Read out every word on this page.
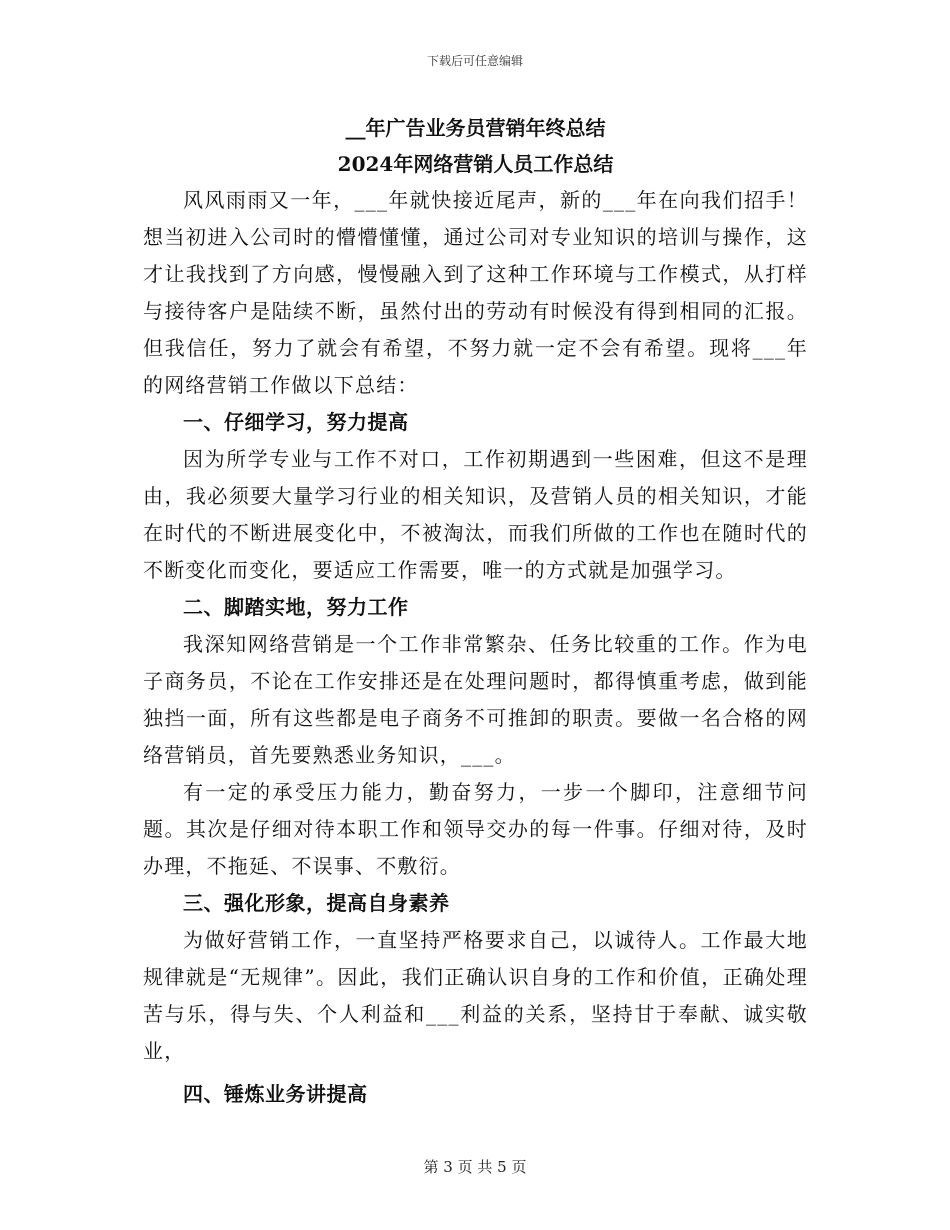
下载后可任意编辑
__年广告业务员营销年终总结
2024年网络营销人员工作总结

风风雨雨又一年，___年就快接近尾声，新的___年在向我们招手！想当初进入公司时的懵懵懂懂，通过公司对专业知识的培训与操作，这才让我找到了方向感，慢慢融入到了这种工作环境与工作模式，从打样与接待客户是陆续不断，虽然付出的劳动有时候没有得到相同的汇报。但我信任，努力了就会有希望，不努力就一定不会有希望。现将___年的网络营销工作做以下总结：

一、仔细学习，努力提高

因为所学专业与工作不对口，工作初期遇到一些困难，但这不是理由，我必须要大量学习行业的相关知识，及营销人员的相关知识，才能在时代的不断进展变化中，不被淘汰，而我们所做的工作也在随时代的不断变化而变化，要适应工作需要，唯一的方式就是加强学习。

二、脚踏实地，努力工作

我深知网络营销是一个工作非常繁杂、任务比较重的工作。作为电子商务员，不论在工作安排还是在处理问题时，都得慎重考虑，做到能独挡一面，所有这些都是电子商务不可推卸的职责。要做一名合格的网络营销员，首先要熟悉业务知识，___。

有一定的承受压力能力，勤奋努力，一步一个脚印，注意细节问题。其次是仔细对待本职工作和领导交办的每一件事。仔细对待，及时办理，不拖延、不误事、不敷衍。

三、强化形象，提高自身素养

为做好营销工作，一直坚持严格要求自己，以诚待人。工作最大地规律就是“无规律”。因此，我们正确认识自身的工作和价值，正确处理苦与乐，得与失、个人利益和___利益的关系，坚持甘于奉献、诚实敬业，

四、锤炼业务讲提高

第 3 页 共 5 页
